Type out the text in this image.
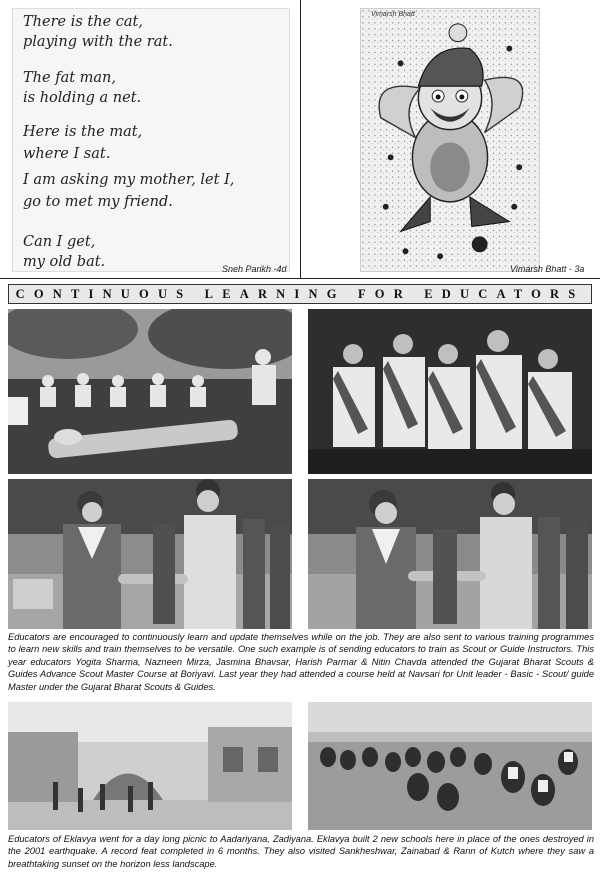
There is the cat,
playing with the rat.
The fat man,
is holding a net.
Here is the mat,
where I sat.
I am asking my mother, let I,
go to met my friend.
Can I get,
my old bat.	Sneh Parikh -4d
Vimarsh Bhatt
Vimarsh Bhatt - 3a
CONTINUOUS LEARNING FOR EDUCATORS
Educators are encouraged to continuously learn and update themselves while on the job. They are also sent to various training programmes to learn new skills and train themselves to be versatile. One such example is of sending educators to train as Scout or Guide Instructors. This year educators Yogita Sharma, Nazneen Mirza, Jasmina Bhavsar, Harish Parmar & Nitin Chavda attended the Gujarat Bharat Scouts & Guides Advance Scout Master Course at Boriyavi. Last year they had attended a course held at Navsari for Unit leader - Basic - Scout/ guide Master under the Gujarat Bharat Scouts & Guides.
Educators of Eklavya went for a day long picnic to Aadariyana, Zadiyana. Eklavya built 2 new schools here in place of the ones destroyed in the 2001 earthquake. A record feat completed in 6 months. They also visited Sankheshwar, Zainabad & Rann of Kutch where they saw a breathtaking sunset on the horizon less landscape.
